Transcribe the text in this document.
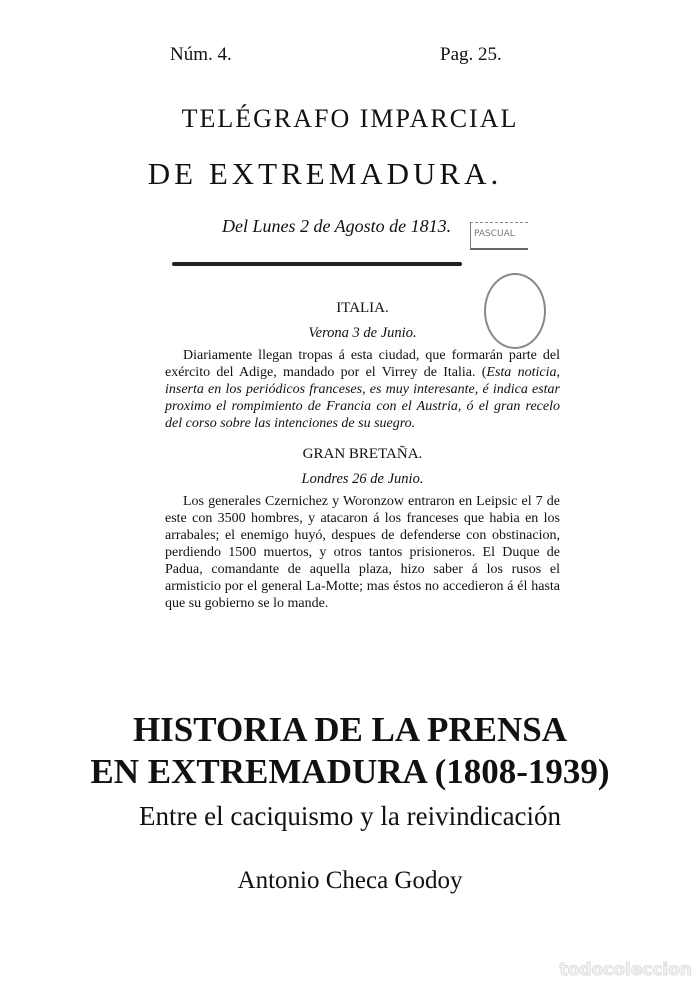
Núm. 4.	Pag. 25.
TELÉGRAFO IMPARCIAL
DE EXTREMADURA.
Del Lunes 2 de Agosto de 1813.	PASCUAL
ITALIA.
Verona 3 de Junio.

Diariamente llegan tropas á esta ciudad, que formarán parte del exército del Adige, mandado por el Virrey de Italia. (Esta noticia, inserta en los periódicos franceses, es muy interesante, é indica estar proximo el rompimiento de Francia con el Austria, ó el gran recelo del corso sobre las intenciones de su suegro.

GRAN BRETAÑA.
Londres 26 de Junio.

Los generales Czernichez y Woronzow entraron en Leipsic el 7 de este con 3500 hombres, y atacaron á los franceses que habia en los arrabales; el enemigo huyó, despues de defenderse con obstinacion, perdiendo 1500 muertos, y otros tantos prisioneros. El Duque de Padua, comandante de aquella plaza, hizo saber á los rusos el armisticio por el general La-Motte; mas éstos no accedieron á él hasta que su gobierno se lo mande.

HISTORIA DE LA PRENSA
EN EXTREMADURA (1808-1939)
Entre el caciquismo y la reivindicación
Antonio Checa Godoy
todocoleccion
